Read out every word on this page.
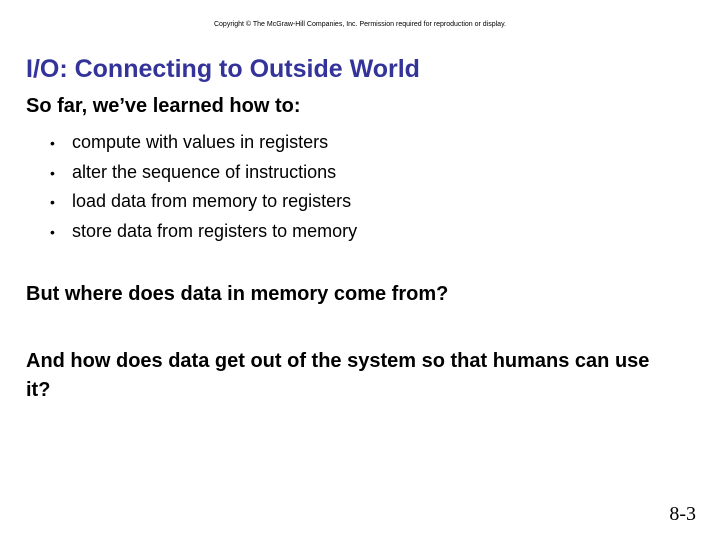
Copyright © The McGraw-Hill Companies, Inc. Permission required for reproduction or display.
I/O: Connecting to Outside World
So far, we’ve learned how to:
• compute with values in registers
• alter the sequence of instructions
• load data from memory to registers
• store data from registers to memory
But where does data in memory come from?
And how does data get out of the system so that humans can use it?
8-3
